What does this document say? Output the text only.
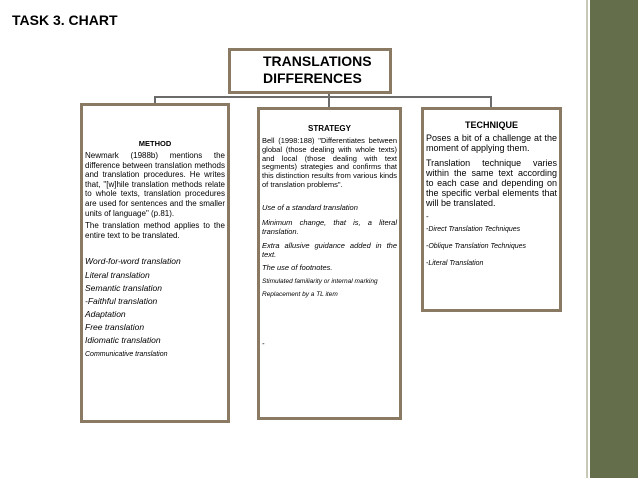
TASK 3. CHART
TRANSLATIONS
DIFFERENCES
METHOD
Newmark (1988b) mentions the difference between translation methods and translation procedures. He writes that, "[w]hile translation methods relate to whole texts, translation procedures are used for sentences and the smaller units of language" (p.81).
The translation method applies to the entire text to be translated.
Word-for-word translation
Literal translation
Semantic translation
-Faithful translation
Adaptation
Free translation
Idiomatic translation
Communicative translation
STRATEGY
Bell (1998:188) "Differentiates between global (those dealing with whole texts) and local (those dealing with text segments) strategies and confirms that this distinction results from various kinds of translation problems".
Use of a standard translation
Minimum change, that is, a literal translation.
Extra allusive guidance added in the text.
The use of footnotes.
Stimulated familiarity or internal marking
Replacement by a TL item
-
TECHNIQUE
Poses a bit of a challenge at the moment of applying them.
Translation technique varies within the same text according to each case and depending on the specific verbal elements that will be translated.
-
-Direct Translation Techniques
-Oblique Translation Techniques
-Literal Translation
